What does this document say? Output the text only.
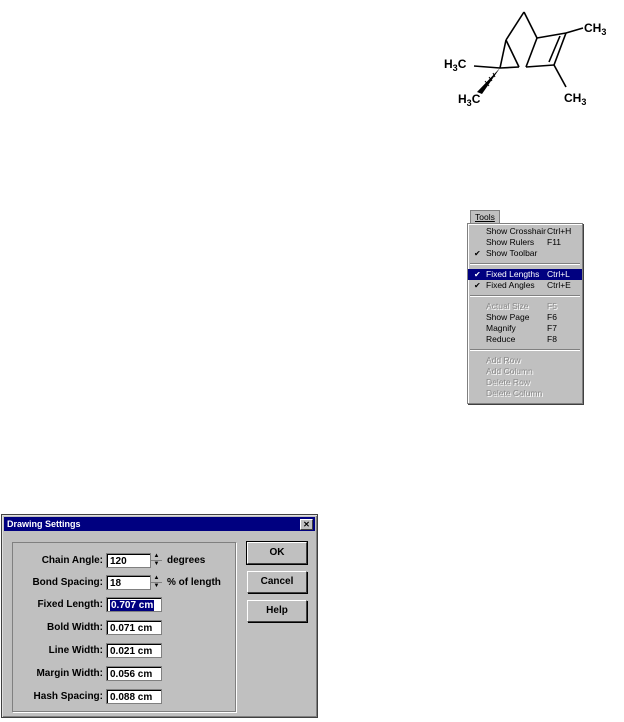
$CH_3$
$H_3C$
$H_3C$	$CH_3$
Tools
Show Crosshair Ctrl+H
Show Rulers F11
✔ Show Toolbar
✔ Fixed Lengths Ctrl+L
✔ Fixed Angles Ctrl+E
Actual Size F5
Show Page F6
Magnify	F7
Reduce	F8
Add Row
Add Column
Delete Row
Delete Column
Drawing Settings	✕
Chain Angle: 120	▲
▼ degrees
Bond Spacing: 18	▲
▼ % of length
Fixed Length: 0.707 cm
Bold Width: 0.071 cm
Line Width: 0.021 cm
Margin Width: 0.056 cm
Hash Spacing: 0.088 cm
OK
Cancel
Help
